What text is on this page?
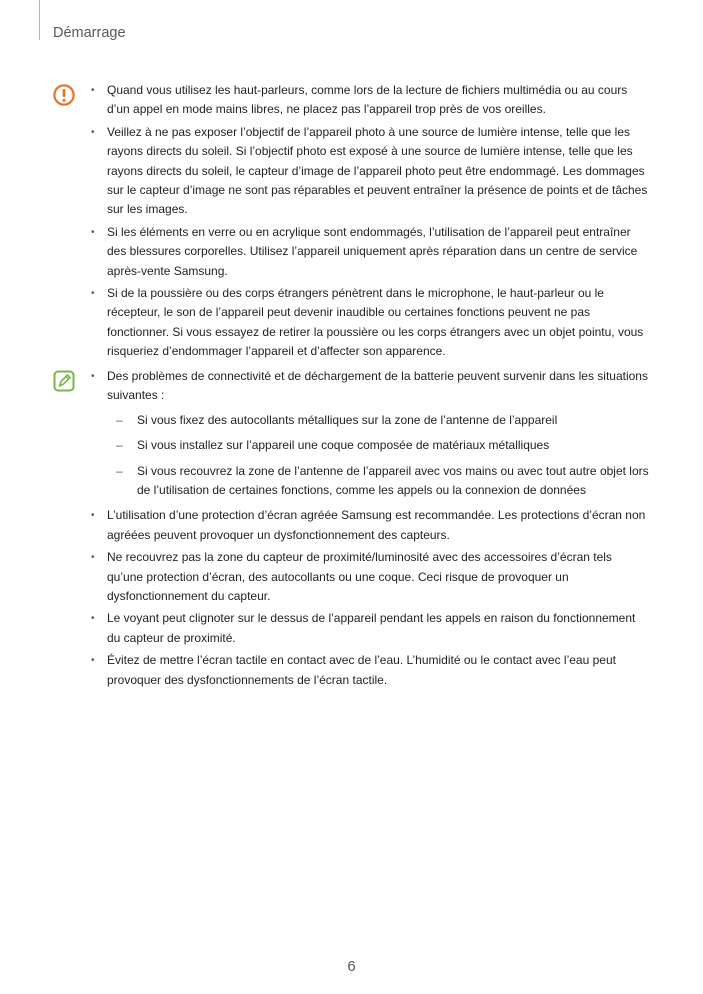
Démarrage
• Quand vous utilisez les haut-parleurs, comme lors de la lecture de fichiers multimédia ou au cours d’un appel en mode mains libres, ne placez pas l’appareil trop près de vos oreilles.
• Veillez à ne pas exposer l’objectif de l’appareil photo à une source de lumière intense, telle que les rayons directs du soleil. Si l’objectif photo est exposé à une source de lumière intense, telle que les rayons directs du soleil, le capteur d’image de l’appareil photo peut être endommagé. Les dommages sur le capteur d’image ne sont pas réparables et peuvent entraîner la présence de points et de tâches sur les images.
• Si les éléments en verre ou en acrylique sont endommagés, l’utilisation de l’appareil peut entraîner des blessures corporelles. Utilisez l’appareil uniquement après réparation dans un centre de service après-vente Samsung.
• Si de la poussière ou des corps étrangers pénètrent dans le microphone, le haut-parleur ou le récepteur, le son de l’appareil peut devenir inaudible ou certaines fonctions peuvent ne pas fonctionner. Si vous essayez de retirer la poussière ou les corps étrangers avec un objet pointu, vous risqueriez d’endommager l’appareil et d’affecter son apparence.
• Des problèmes de connectivité et de déchargement de la batterie peuvent survenir dans les situations suivantes :
– Si vous fixez des autocollants métalliques sur la zone de l’antenne de l’appareil
– Si vous installez sur l’appareil une coque composée de matériaux métalliques
– Si vous recouvrez la zone de l’antenne de l’appareil avec vos mains ou avec tout autre objet lors de l’utilisation de certaines fonctions, comme les appels ou la connexion de données
• L’utilisation d’une protection d’écran agréée Samsung est recommandée. Les protections d’écran non agréées peuvent provoquer un dysfonctionnement des capteurs.
• Ne recouvrez pas la zone du capteur de proximité/luminosité avec des accessoires d’écran tels qu’une protection d’écran, des autocollants ou une coque. Ceci risque de provoquer un dysfonctionnement du capteur.
• Le voyant peut clignoter sur le dessus de l’appareil pendant les appels en raison du fonctionnement du capteur de proximité.
• Évitez de mettre l’écran tactile en contact avec de l’eau. L’humidité ou le contact avec l’eau peut provoquer des dysfonctionnements de l’écran tactile.
6
